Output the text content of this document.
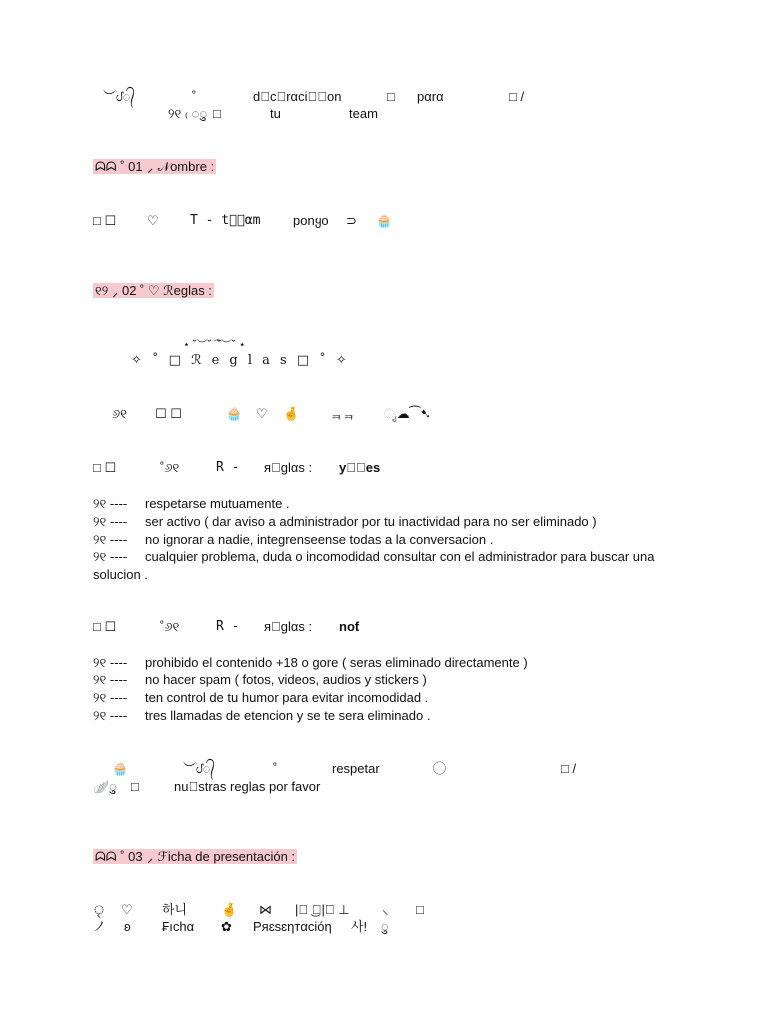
︶ᦔ᭄	˚	d⃝c⃝rαci⃝⃝on	□ pαrα	□ /
୨୧ ₍ ◌ु □	tu	team
ᗣᗣ ˚ 01 ⸝ 𝒩ombre :
□ ☐ ♡ T - t⃝⃝αm	ponყo ⊃ 🧁
୧୨ ⸝ 02 ˚ ♡ ℛeglas :
⋆ ˘︶˘ ͡ ˘︶˘ ⋆
✧ ˚ □ ℛ e g l a s □ ˚ ✧
୬୧ ☐ ☐	🧁 ♡ 🤞 ᆿᆿ ೃ☁︎⁀➷
□ ☐	˚୬୧	R - я⃝glαs : y⃝⃝es
୨୧ ---- respetarse mutuamente .
୨୧ ---- ser activo ( dar aviso a administrador por tu inactividad para no ser eliminado )
୨୧ ---- no ignorar a nadie, integrenseense todas a la conversacion .
୨୧ ---- cualquier problema, duda o incomodidad consultar con el administrador para buscar una
solucion .
□ ☐	˚୬୧	R - я⃝glαs : noƭ
୨୧ ---- prohibido el contenido +18 o gore ( seras eliminado directamente )
୨୧ ---- no hacer spam ( fotos, videos, audios y stickers )
୨୧ ---- ten control de tu humor para evitar incomodidad .
୨୧ ---- tres llamadas de etencion y se te sera eliminado .
🧁	︶ᦔ᭄	˚	respetar	□ /
🪽◌ु □	nu⃝stras reglas por favor
ᗣᗣ ˚ 03 ⸝ ℱicha de presentación :
ৃ ♡ 하니	🤞 ⋈ |⃝ ͜⃝|⃝ ⊥ ⸜ □
ノ ʚ ₣ıchα ✿ Pяɛsɛηтαcióη 사! ◌ु
